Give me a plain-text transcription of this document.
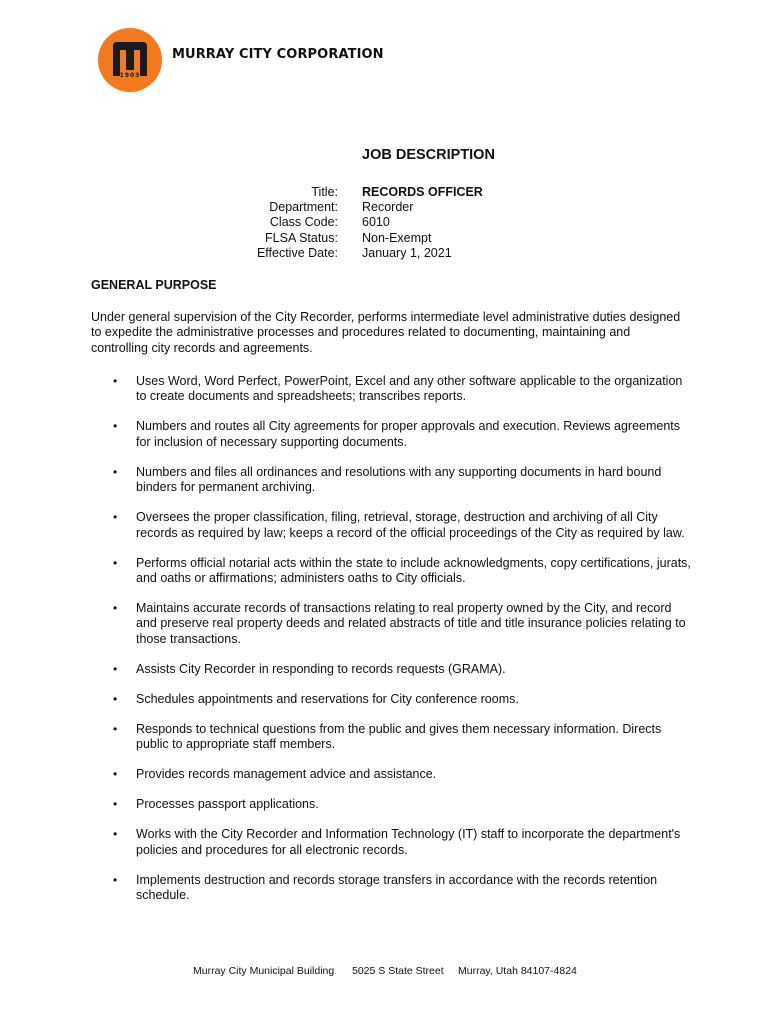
1903
MURRAY CITY CORPORATION
JOB DESCRIPTION
Title:
Department:
Class Code:
FLSA Status:
Effective Date:
RECORDS OFFICER
Recorder
6010
Non-Exempt
January 1, 2021
GENERAL PURPOSE
Under general supervision of the City Recorder, performs intermediate level administrative duties designed to expedite the administrative processes and procedures related to documenting, maintaining and controlling city records and agreements.
• Uses Word, Word Perfect, PowerPoint, Excel and any other software applicable to the organization to create documents and spreadsheets; transcribes reports.
• Numbers and routes all City agreements for proper approvals and execution. Reviews agreements for inclusion of necessary supporting documents.
• Numbers and files all ordinances and resolutions with any supporting documents in hard bound binders for permanent archiving.
• Oversees the proper classification, filing, retrieval, storage, destruction and archiving of all City records as required by law; keeps a record of the official proceedings of the City as required by law.
• Performs official notarial acts within the state to include acknowledgments, copy certifications, jurats, and oaths or affirmations; administers oaths to City officials.
• Maintains accurate records of transactions relating to real property owned by the City, and record and preserve real property deeds and related abstracts of title and title insurance policies relating to those transactions.
• Assists City Recorder in responding to records requests (GRAMA).
• Schedules appointments and reservations for City conference rooms.
• Responds to technical questions from the public and gives them necessary information. Directs public to appropriate staff members.
• Provides records management advice and assistance.
• Processes passport applications.
• Works with the City Recorder and Information Technology (IT) staff to incorporate the department's policies and procedures for all electronic records.
• Implements destruction and records storage transfers in accordance with the records retention schedule.
Murray City Municipal Building 5025 S State Street Murray, Utah 84107-4824
